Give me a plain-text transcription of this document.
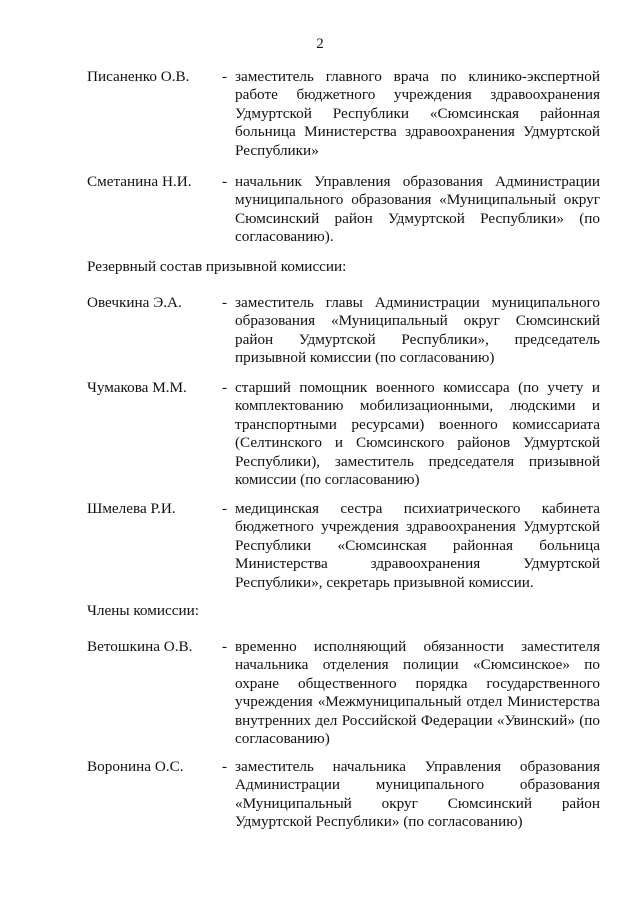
2
Писаненко О.В. - заместитель главного врача по клинико-экспертной работе бюджетного учреждения здравоохранения Удмуртской Республики «Сюмсинская районная больница Министерства здравоохранения Удмуртской Республики»
Сметанина Н.И. - начальник Управления образования Администрации муниципального образования «Муниципальный округ Сюмсинский район Удмуртской Республики» (по согласованию).
Резервный состав призывной комиссии:
Овечкина Э.А.	- заместитель главы Администрации муниципального образования «Муниципальный округ Сюмсинский район Удмуртской Республики», председатель призывной комиссии (по согласованию)
Чумакова М.М. - старший помощник военного комиссара (по учету и комплектованию мобилизационными, людскими и транспортными ресурсами) военного комиссариата (Селтинского и Сюмсинского районов Удмуртской Республики), заместитель председателя призывной комиссии (по согласованию)
Шмелева Р.И.	- медицинская сестра психиатрического кабинета бюджетного учреждения здравоохранения Удмуртской Республики «Сюмсинская районная больница Министерства здравоохранения Удмуртской Республики», секретарь призывной комиссии.
Члены комиссии:
Ветошкина О.В. - временно исполняющий обязанности заместителя начальника отделения полиции «Сюмсинское» по охране общественного порядка государственного учреждения «Межмуниципальный отдел Министерства внутренних дел Российской Федерации «Увинский» (по согласованию)
Воронина О.С.	- заместитель начальника Управления образования Администрации муниципального образования «Муниципальный округ Сюмсинский район Удмуртской Республики» (по согласованию)
